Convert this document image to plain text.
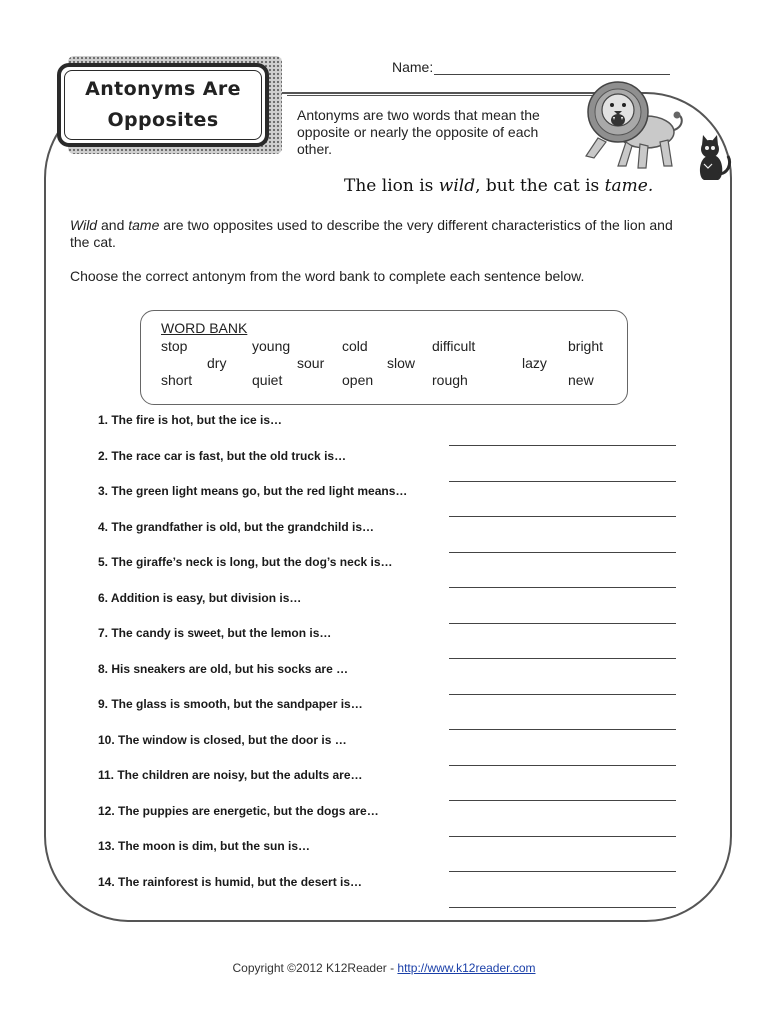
Antonyms Are
Opposites
Name:
Antonyms are two words that mean the opposite or nearly the opposite of each other.
The lion is wild, but the cat is tame.
Wild and tame are two opposites used to describe the very different characteristics of the lion and the cat.
Choose the correct antonym from the word bank to complete each sentence below.
WORD BANK
stop	young	cold	difficult	bright
dry	sour	slow	lazy
short	quiet	open	rough	new
1. The fire is hot, but the ice is…
2. The race car is fast, but the old truck is…
3. The green light means go, but the red light means…
4. The grandfather is old, but the grandchild is…
5. The giraffe’s neck is long, but the dog’s neck is…
6. Addition is easy, but division is…
7. The candy is sweet, but the lemon is…
8. His sneakers are old, but his socks are …
9. The glass is smooth, but the sandpaper is…
10. The window is closed, but the door is …
11. The children are noisy, but the adults are…
12. The puppies are energetic, but the dogs are…
13. The moon is dim, but the sun is…
14. The rainforest is humid, but the desert is…
Copyright ©2012 K12Reader - http://www.k12reader.com
